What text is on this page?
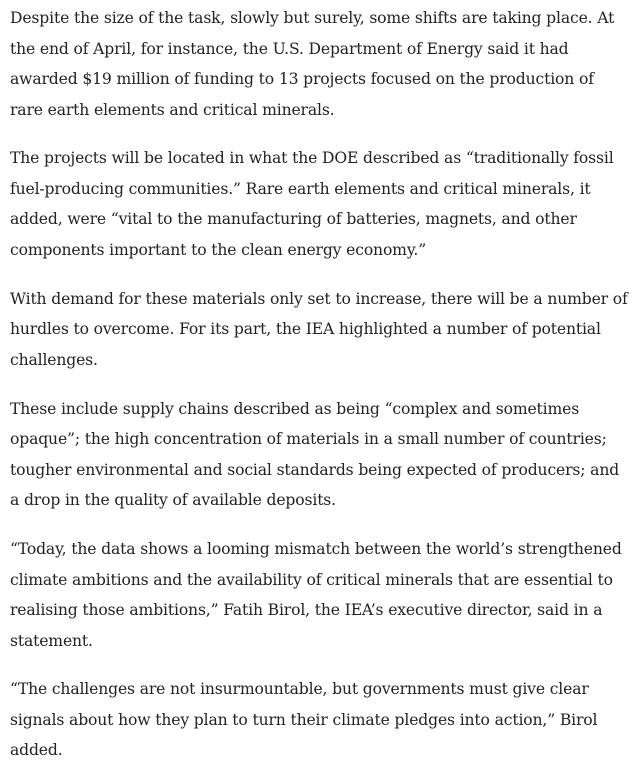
Despite the size of the task, slowly but surely, some shifts are taking place. At the end of April, for instance, the U.S. Department of Energy said it had awarded $19 million of funding to 13 projects focused on the production of rare earth elements and critical minerals.

The projects will be located in what the DOE described as “traditionally fossil fuel-producing communities.” Rare earth elements and critical minerals, it added, were “vital to the manufacturing of batteries, magnets, and other components important to the clean energy economy.”

With demand for these materials only set to increase, there will be a number of hurdles to overcome. For its part, the IEA highlighted a number of potential challenges.

These include supply chains described as being “complex and sometimes opaque”; the high concentration of materials in a small number of countries; tougher environmental and social standards being expected of producers; and a drop in the quality of available deposits.

“Today, the data shows a looming mismatch between the world’s strengthened climate ambitions and the availability of critical minerals that are essential to realising those ambitions,” Fatih Birol, the IEA’s executive director, said in a statement.

“The challenges are not insurmountable, but governments must give clear signals about how they plan to turn their climate pledges into action,” Birol added.
